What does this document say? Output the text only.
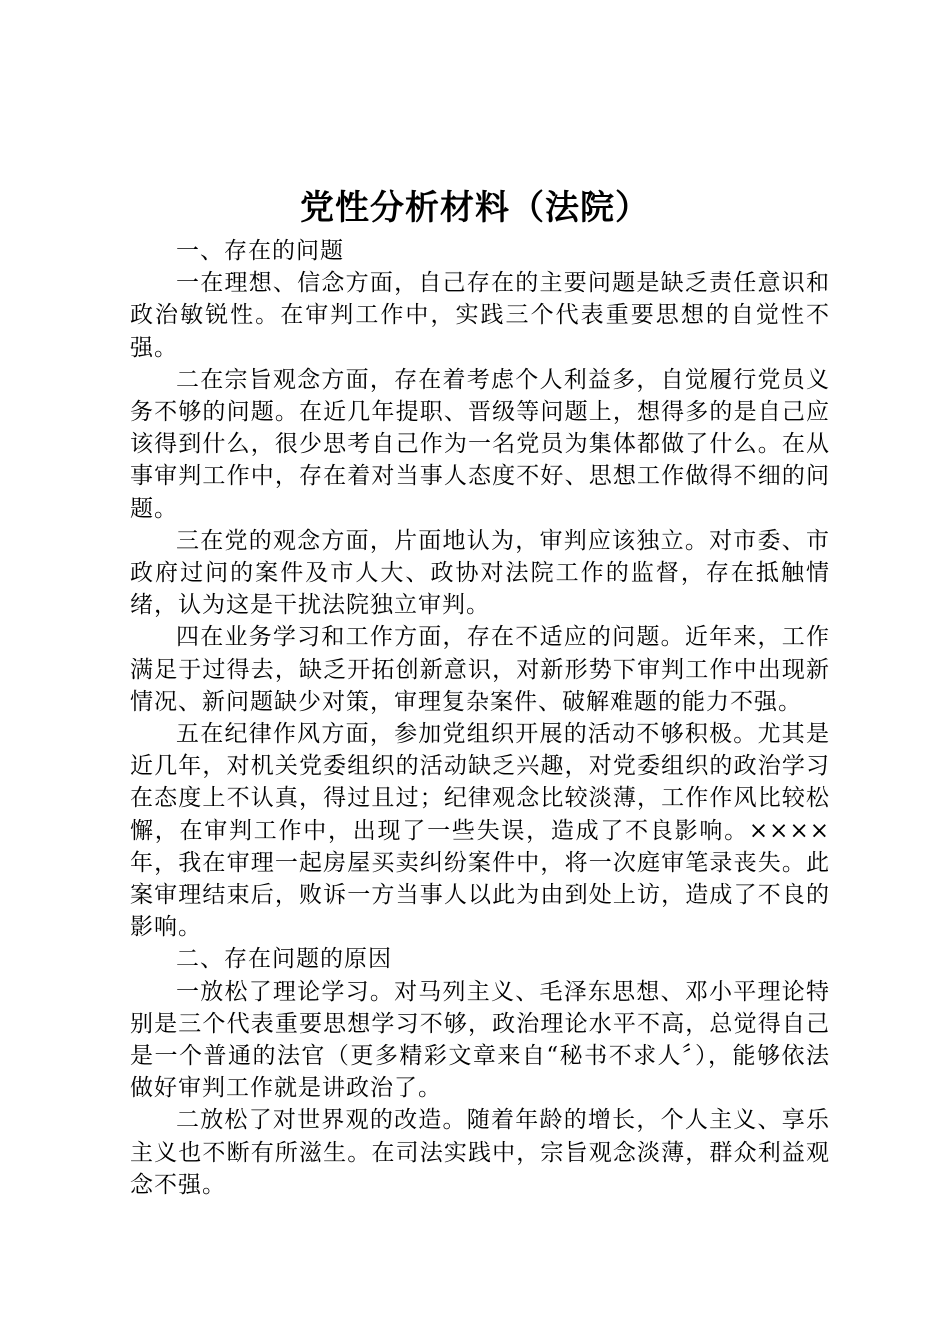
党性分析材料（法院）

一、存在的问题

一在理想、信念方面，自己存在的主要问题是缺乏责任意识和政治敏锐性。在审判工作中，实践三个代表重要思想的自觉性不强。

二在宗旨观念方面，存在着考虑个人利益多，自觉履行党员义务不够的问题。在近几年提职、晋级等问题上，想得多的是自己应该得到什么，很少思考自己作为一名党员为集体都做了什么。在从事审判工作中，存在着对当事人态度不好、思想工作做得不细的问题。

三在党的观念方面，片面地认为，审判应该独立。对市委、市政府过问的案件及市人大、政协对法院工作的监督，存在抵触情绪，认为这是干扰法院独立审判。

四在业务学习和工作方面，存在不适应的问题。近年来，工作满足于过得去，缺乏开拓创新意识，对新形势下审判工作中出现新情况、新问题缺少对策，审理复杂案件、破解难题的能力不强。

五在纪律作风方面，参加党组织开展的活动不够积极。尤其是近几年，对机关党委组织的活动缺乏兴趣，对党委组织的政治学习在态度上不认真，得过且过；纪律观念比较淡薄，工作作风比较松懈，在审判工作中，出现了一些失误，造成了不良影响。××××年，我在审理一起房屋买卖纠纷案件中，将一次庭审笔录丧失。此案审理结束后，败诉一方当事人以此为由到处上访，造成了不良的影响。

二、存在问题的原因

一放松了理论学习。对马列主义、毛泽东思想、邓小平理论特别是三个代表重要思想学习不够，政治理论水平不高，总觉得自己是一个普通的法官（更多精彩文章来自“秘书不求人〞），能够依法做好审判工作就是讲政治了。

二放松了对世界观的改造。随着年龄的增长，个人主义、享乐主义也不断有所滋生。在司法实践中，宗旨观念淡薄，群众利益观念不强。
